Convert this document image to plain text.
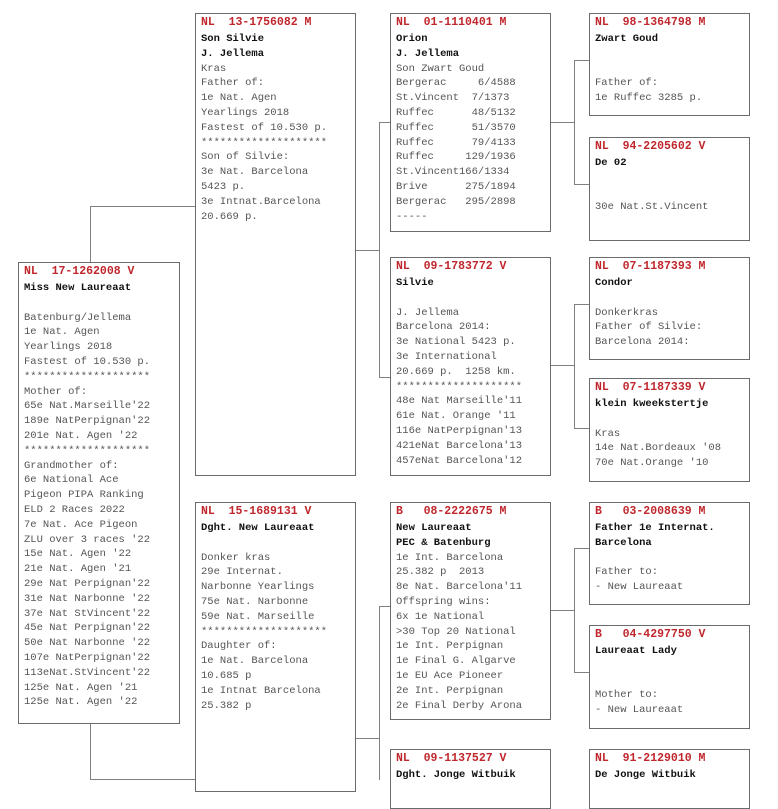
NL  17-1262008 V
Miss New Laureaat
Batenburg/Jellema
1e Nat. Agen
Yearlings 2018
Fastest of 10.530 p.
********************
Mother of:
65e Nat.Marseille'22
189e NatPerpignan'22
201e Nat. Agen '22
********************
Grandmother of:
6e National Ace
Pigeon PIPA Ranking
ELD 2 Races 2022
7e Nat. Ace Pigeon
ZLU over 3 races '22
15e Nat. Agen '22
21e Nat. Agen '21
29e Nat Perpignan'22
31e Nat Narbonne '22
37e Nat StVincent'22
45e Nat Perpignan'22
50e Nat Narbonne '22
107e NatPerpignan'22
113eNat.StVincent'22
125e Nat. Agen '21
125e Nat. Agen '22
NL  13-1756082 M
Son Silvie
J. Jellema
Kras
Father of:
1e Nat. Agen
Yearlings 2018
Fastest of 10.530 p.
********************
Son of Silvie:
3e Nat. Barcelona
5423 p.
3e Intnat.Barcelona
20.669 p.
NL  15-1689131 V
Dght. New Laureaat
Donker kras
29e Internat.
Narbonne Yearlings
75e Nat. Narbonne
59e Nat. Marseille
********************
Daughter of:
1e Nat. Barcelona
10.685 p
1e Intnat Barcelona
25.382 p
NL  01-1110401 M
Orion
J. Jellema
Son Zwart Goud
Bergerac     6/4588
St.Vincent  7/1373
Ruffec      48/5132
Ruffec      51/3570
Ruffec      79/4133
Ruffec     129/1936
St.Vincent166/1334
Brive      275/1894
Bergerac   295/2898
-----
NL  09-1783772 V
Silvie
J. Jellema
Barcelona 2014:
3e National 5423 p.
3e International
20.669 p.  1258 km.
********************
48e Nat Marseille'11
61e Nat. Orange '11
116e NatPerpignan'13
421eNat Barcelona'13
457eNat Barcelona'12
B   08-2222675 M
New Laureaat
PEC & Batenburg
1e Int. Barcelona
25.382 p  2013
8e Nat. Barcelona'11
Offspring wins:
6x 1e National
>30 Top 20 National
1e Int. Perpignan
1e Final G. Algarve
1e EU Ace Pioneer
2e Int. Perpignan
2e Final Derby Arona
NL  09-1137527 V
Dght. Jonge Witbuik
NL  98-1364798 M
Zwart Goud
Father of:
1e Ruffec 3285 p.
NL  94-2205602 V
De 02
30e Nat.St.Vincent
NL  07-1187393 M
Condor
Donkerkras
Father of Silvie:
Barcelona 2014:
NL  07-1187339 V
klein kweekstertje
Kras
14e Nat.Bordeaux '08
70e Nat.Orange '10
B   03-2008639 M
Father 1e Internat.
Barcelona
Father to:
- New Laureaat
B   04-4297750 V
Laureaat Lady
Mother to:
- New Laureaat
NL  91-2129010 M
De Jonge Witbuik
